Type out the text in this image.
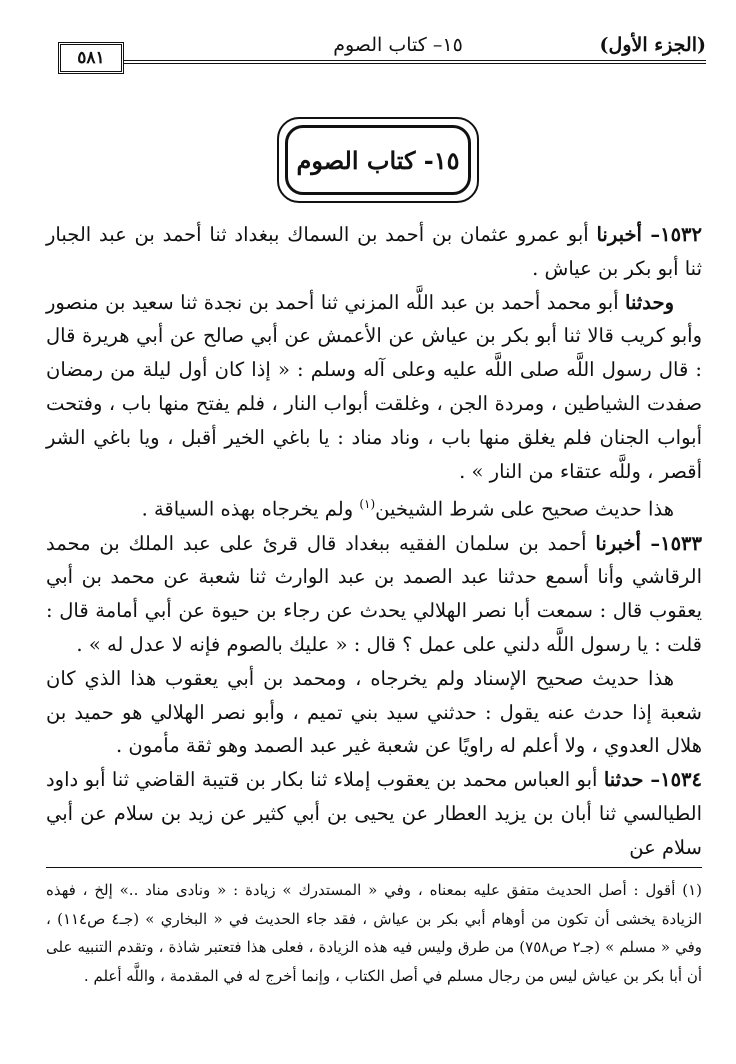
(الجزء الأول)
١٥– كتاب الصوم
٥٨١
١٥- كتاب الصوم

١٥٣٢– أخبرنا أبو عمرو عثمان بن أحمد بن السماك ببغداد ثنا أحمد بن عبد الجبار ثنا أبو بكر بن عياش .

وحدثنا أبو محمد أحمد بن عبد اللَّه المزني ثنا أحمد بن نجدة ثنا سعيد بن منصور وأبو كريب قالا ثنا أبو بكر بن عياش عن الأعمش عن أبي صالح عن أبي هريرة قال : قال رسول اللَّه صلى اللَّه عليه وعلى آله وسلم : « إذا كان أول ليلة من رمضان صفدت الشياطين ، ومردة الجن ، وغلقت أبواب النار ، فلم يفتح منها باب ، وفتحت أبواب الجنان فلم يغلق منها باب ، وناد مناد : يا باغي الخير أقبل ، ويا باغي الشر أقصر ، وللَّه عتقاء من النار » .

هذا حديث صحيح على شرط الشيخين$^{(١)}$ ولم يخرجاه بهذه السياقة .

١٥٣٣– أخبرنا أحمد بن سلمان الفقيه ببغداد قال قرئ على عبد الملك بن محمد الرقاشي وأنا أسمع حدثنا عبد الصمد بن عبد الوارث ثنا شعبة عن محمد بن أبي يعقوب قال : سمعت أبا نصر الهلالي يحدث عن رجاء بن حيوة عن أبي أمامة قال : قلت : يا رسول اللَّه دلني على عمل ؟ قال : « عليك بالصوم فإنه لا عدل له » .

هذا حديث صحيح الإسناد ولم يخرجاه ، ومحمد بن أبي يعقوب هذا الذي كان شعبة إذا حدث عنه يقول : حدثني سيد بني تميم ، وأبو نصر الهلالي هو حميد بن هلال العدوي ، ولا أعلم له راويًا عن شعبة غير عبد الصمد وهو ثقة مأمون .

١٥٣٤– حدثنا أبو العباس محمد بن يعقوب إملاء ثنا بكار بن قتيبة القاضي ثنا أبو داود الطيالسي ثنا أبان بن يزيد العطار عن يحيى بن أبي كثير عن زيد بن سلام عن أبي سلام عن

(١) أقول : أصل الحديث متفق عليه بمعناه ، وفي « المستدرك » زيادة : « ونادى مناد ..» إلخ ، فهذه الزيادة يخشى أن تكون من أوهام أبي بكر بن عياش ، فقد جاء الحديث في « البخاري » (جـ٤ ص١١٤) ، وفي « مسلم » (جـ٢ ص٧٥٨) من طرق وليس فيه هذه الزيادة ، فعلى هذا فتعتبر شاذة ، وتقدم التنبيه على أن أبا بكر بن عياش ليس من رجال مسلم في أصل الكتاب ، وإنما أخرج له في المقدمة ، واللَّه أعلم .
